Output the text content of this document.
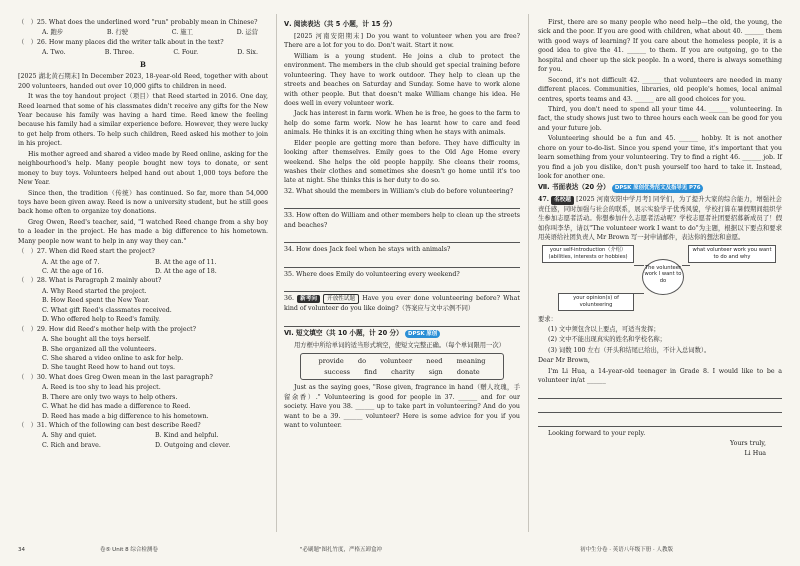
（　）25. What does the underlined word "run" probably mean in Chinese?

A. 跑步	B. 行驶	C. 施工	D. 运营

（　）26. How many places did the writer talk about in the text?

A. Two.	B. Three.	C. Four.	D. Six.
B

[2025 湖北黄石期末] In December 2023, 18-year-old Reed, together with about 200 volunteers, handed out over 10,000 gifts to children in need.

It was the toy handout project（项目）that Reed started in 2016. One day, Reed learned that some of his classmates didn't receive any gifts for the New Year because his family was having a hard time. Reed knew the feeling because his family had a similar experience before. However, they were lucky to get help from others. To help such children, Reed asked his mother to join in his project.

His mother agreed and shared a video made by Reed online, asking for the neighbourhood's help. Many people bought new toys to donate, or sent money to buy toys. Volunteers helped hand out about 1,000 toys before the New Year.

Since then, the tradition（传统）has continued. So far, more than 54,000 toys have been given away. Reed is now a university student, but he still goes back home often to organize toy donations.

Greg Owen, Reed's teacher, said, "I watched Reed change from a shy boy to a leader in the project. He has made a big difference to his hometown. Many people now want to help in any way they can."

（　）27. When did Reed start the project?

A. At the age of 7.	B. At the age of 11.
C. At the age of 16.	D. At the age of 18.

（　）28. What is Paragraph 2 mainly about?

A. Why Reed started the project.
B. How Reed spent the New Year.
C. What gift Reed's classmates received.
D. Who offered help to Reed's family.

（　）29. How did Reed's mother help with the project?

A. She bought all the toys herself.
B. She organized all the volunteers.
C. She shared a video online to ask for help.
D. She taught Reed how to hand out toys.

（　）30. What does Greg Owen mean in the last paragraph?

A. Reed is too shy to lead his project.
B. There are only two ways to help others.
C. What he did has made a difference to Reed.
D. Reed has made a big difference to his hometown.

（　）31. Which of the following can best describe Reed?

A. Shy and quiet.	B. Kind and helpful.
C. Rich and brave.	D. Outgoing and clever.
Ⅴ. 阅读表达（共 5 小题，计 15 分）

[2025 河南安阳期末] Do you want to volunteer when you are free? There are a lot for you to do. Don't wait. Start it now.

William is a young student. He joins a club to protect the environment. The members in the club should get special training before volunteering. They have to work outdoor. They help to clean up the streets and beaches on Saturday and Sunday. Some have to work alone with other people. But that doesn't make William change his idea. He does well in every volunteer work.

Jack has interest in farm work. When he is free, he goes to the farm to help do some farm work. Now he has learnt how to care and feed animals. He thinks it is an exciting thing when he stays with animals.

Elder people are getting more than before. They have difficulty in looking after themselves. Emily goes to the Old Age Home every weekend. She helps the old people happily. She cleans their rooms, washes their clothes and sometimes she doesn't go home until it's too late at night. She thinks this is her duty to do so.

32. What should the members in William's club do before volunteering?

33. How often do William and other members help to clean up the streets and beaches?

34. How does Jack feel when he stays with animals?

35. Where does Emily do volunteering every weekend?

36. 新考向 开放性试题 Have you ever done volunteering before? What kind of volunteer do you like doing?（答案应与文中示例不同）

Ⅵ. 短文填空（共 10 小题，计 20 分） DPSK 原创

用方框中所给单词的适当形式填空，使短文完整正确。（每个单词限用一次）

provide do volunteer need meaning
success find charity sign donate

Just as the saying goes, "Rose given, fragrance in hand（赠人玫瑰，手留余香）." Volunteering is good for people in 37. ______ and for our society. Have you 38. ______ up to take part in volunteering? And do you want to be a 39. ______ volunteer? Here is some advice for you if you want to volunteer.

First, there are so many people who need help—the old, the young, the sick and the poor. If you are good with children, what about 40. ______ them with good ways of learning? If you care about the homeless people, it is a good idea to give the 41. ______ to them. If you are outgoing, go to the hospital and cheer up the sick people. In a word, there is always something for you.

Second, it's not difficult 42. ______ that volunteers are needed in many different places. Communities, libraries, old people's homes, local animal centres, sports teams and 43. ______ are all good choices for you.

Third, you don't need to spend all your time 44. ______ volunteering. In fact, the study shows just two to three hours each week can be good for you and your future job.

Volunteering should be a fun and 45. ______ hobby. It is not another chore on your to-do-list. Since you spend your time, it's important that you learn something from your volunteering. Try to find a right 46. ______ job. If you find a job you dislike, don't push yourself too hard to take it. Instead, look for another one.

Ⅶ. 书面表达（20 分） DPSK 原创优秀范文及指导见 P76

47. 名校题 [2025 河南安阳中学月考] 同学们，为了提升大家的综合能力，增强社会责任感，同时加强与社会的联系，展示实验学子优秀风貌，学校打算在暑假期间组织学生参加志愿者活动。你想参加什么志愿者活动呢？学校志愿者社团要招募新成员了！假如你叫李华，请以"The volunteer work I want to do"为主题，根据以下要点和要求用英语给社团负责人 Mr Brown 写一封申请邮件，表达你的想法和意愿。

your self-introduction（介绍）(abilities, interests or hobbies)
what volunteer work you want to do and why
The volunteer work I want to do
your opinion(s) of volunteering

要求：

(1) 文中须包含以上要点，可适当发挥；

(2) 文中不能出现真实的姓名和学校名称；

(3) 词数 100 左右（开头和结尾已给出，不计入总词数）。

Dear Mr Brown,

I'm Li Hua, a 14-year-old teenager in Grade 8. I would like to be a volunteer in/at ______

Looking forward to your reply.

Yours truly,

Li Hua

34	卷⑤ Unit 8 综合检测卷	"必刷题"图扎竹度，严格五卸盒冲	初中生分卷 · 英语八年级下册 · 人教版
